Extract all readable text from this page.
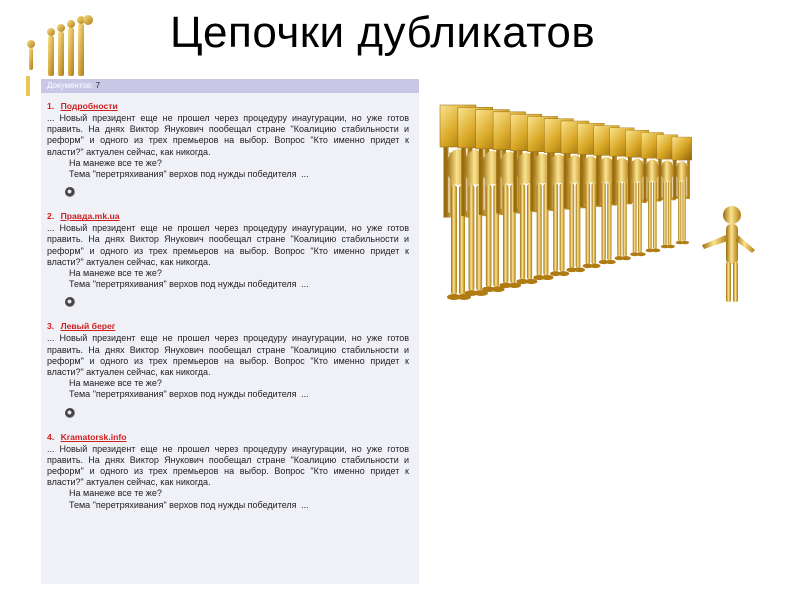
Цепочки дубликатов
Документов: 7
1. Подробности
... Новый президент еще не прошел через процедуру инаугурации, но уже готов править. На днях Виктор Янукович пообещал стране "Коалицию стабильности и реформ" и одного из трех премьеров на выбор. Вопрос "Кто именно придет к власти?" актуален сейчас, как никогда.
На манеже все те же?
Тема "перетряхивания" верхов под нужды победителя ...
2. Правда.mk.ua
... Новый президент еще не прошел через процедуру инаугурации, но уже готов править. На днях Виктор Янукович пообещал стране "Коалицию стабильности и реформ" и одного из трех премьеров на выбор. Вопрос "Кто именно придет к власти?" актуален сейчас, как никогда.
На манеже все те же?
Тема "перетряхивания" верхов под нужды победителя ...
3. Левый берег
... Новый президент еще не прошел через процедуру инаугурации, но уже готов править. На днях Виктор Янукович пообещал стране "Коалицию стабильности и реформ" и одного из трех премьеров на выбор. Вопрос "Кто именно придет к власти?" актуален сейчас, как никогда.
На манеже все те же?
Тема "перетряхивания" верхов под нужды победителя ...
4. Kramatorsk.info
... Новый президент еще не прошел через процедуру инаугурации, но уже готов править. На днях Виктор Янукович пообещал стране "Коалицию стабильности и реформ" и одного из трех премьеров на выбор. Вопрос "Кто именно придет к власти?" актуален сейчас, как никогда.
На манеже все те же?
Тема "перетряхивания" верхов под нужды победителя ...
